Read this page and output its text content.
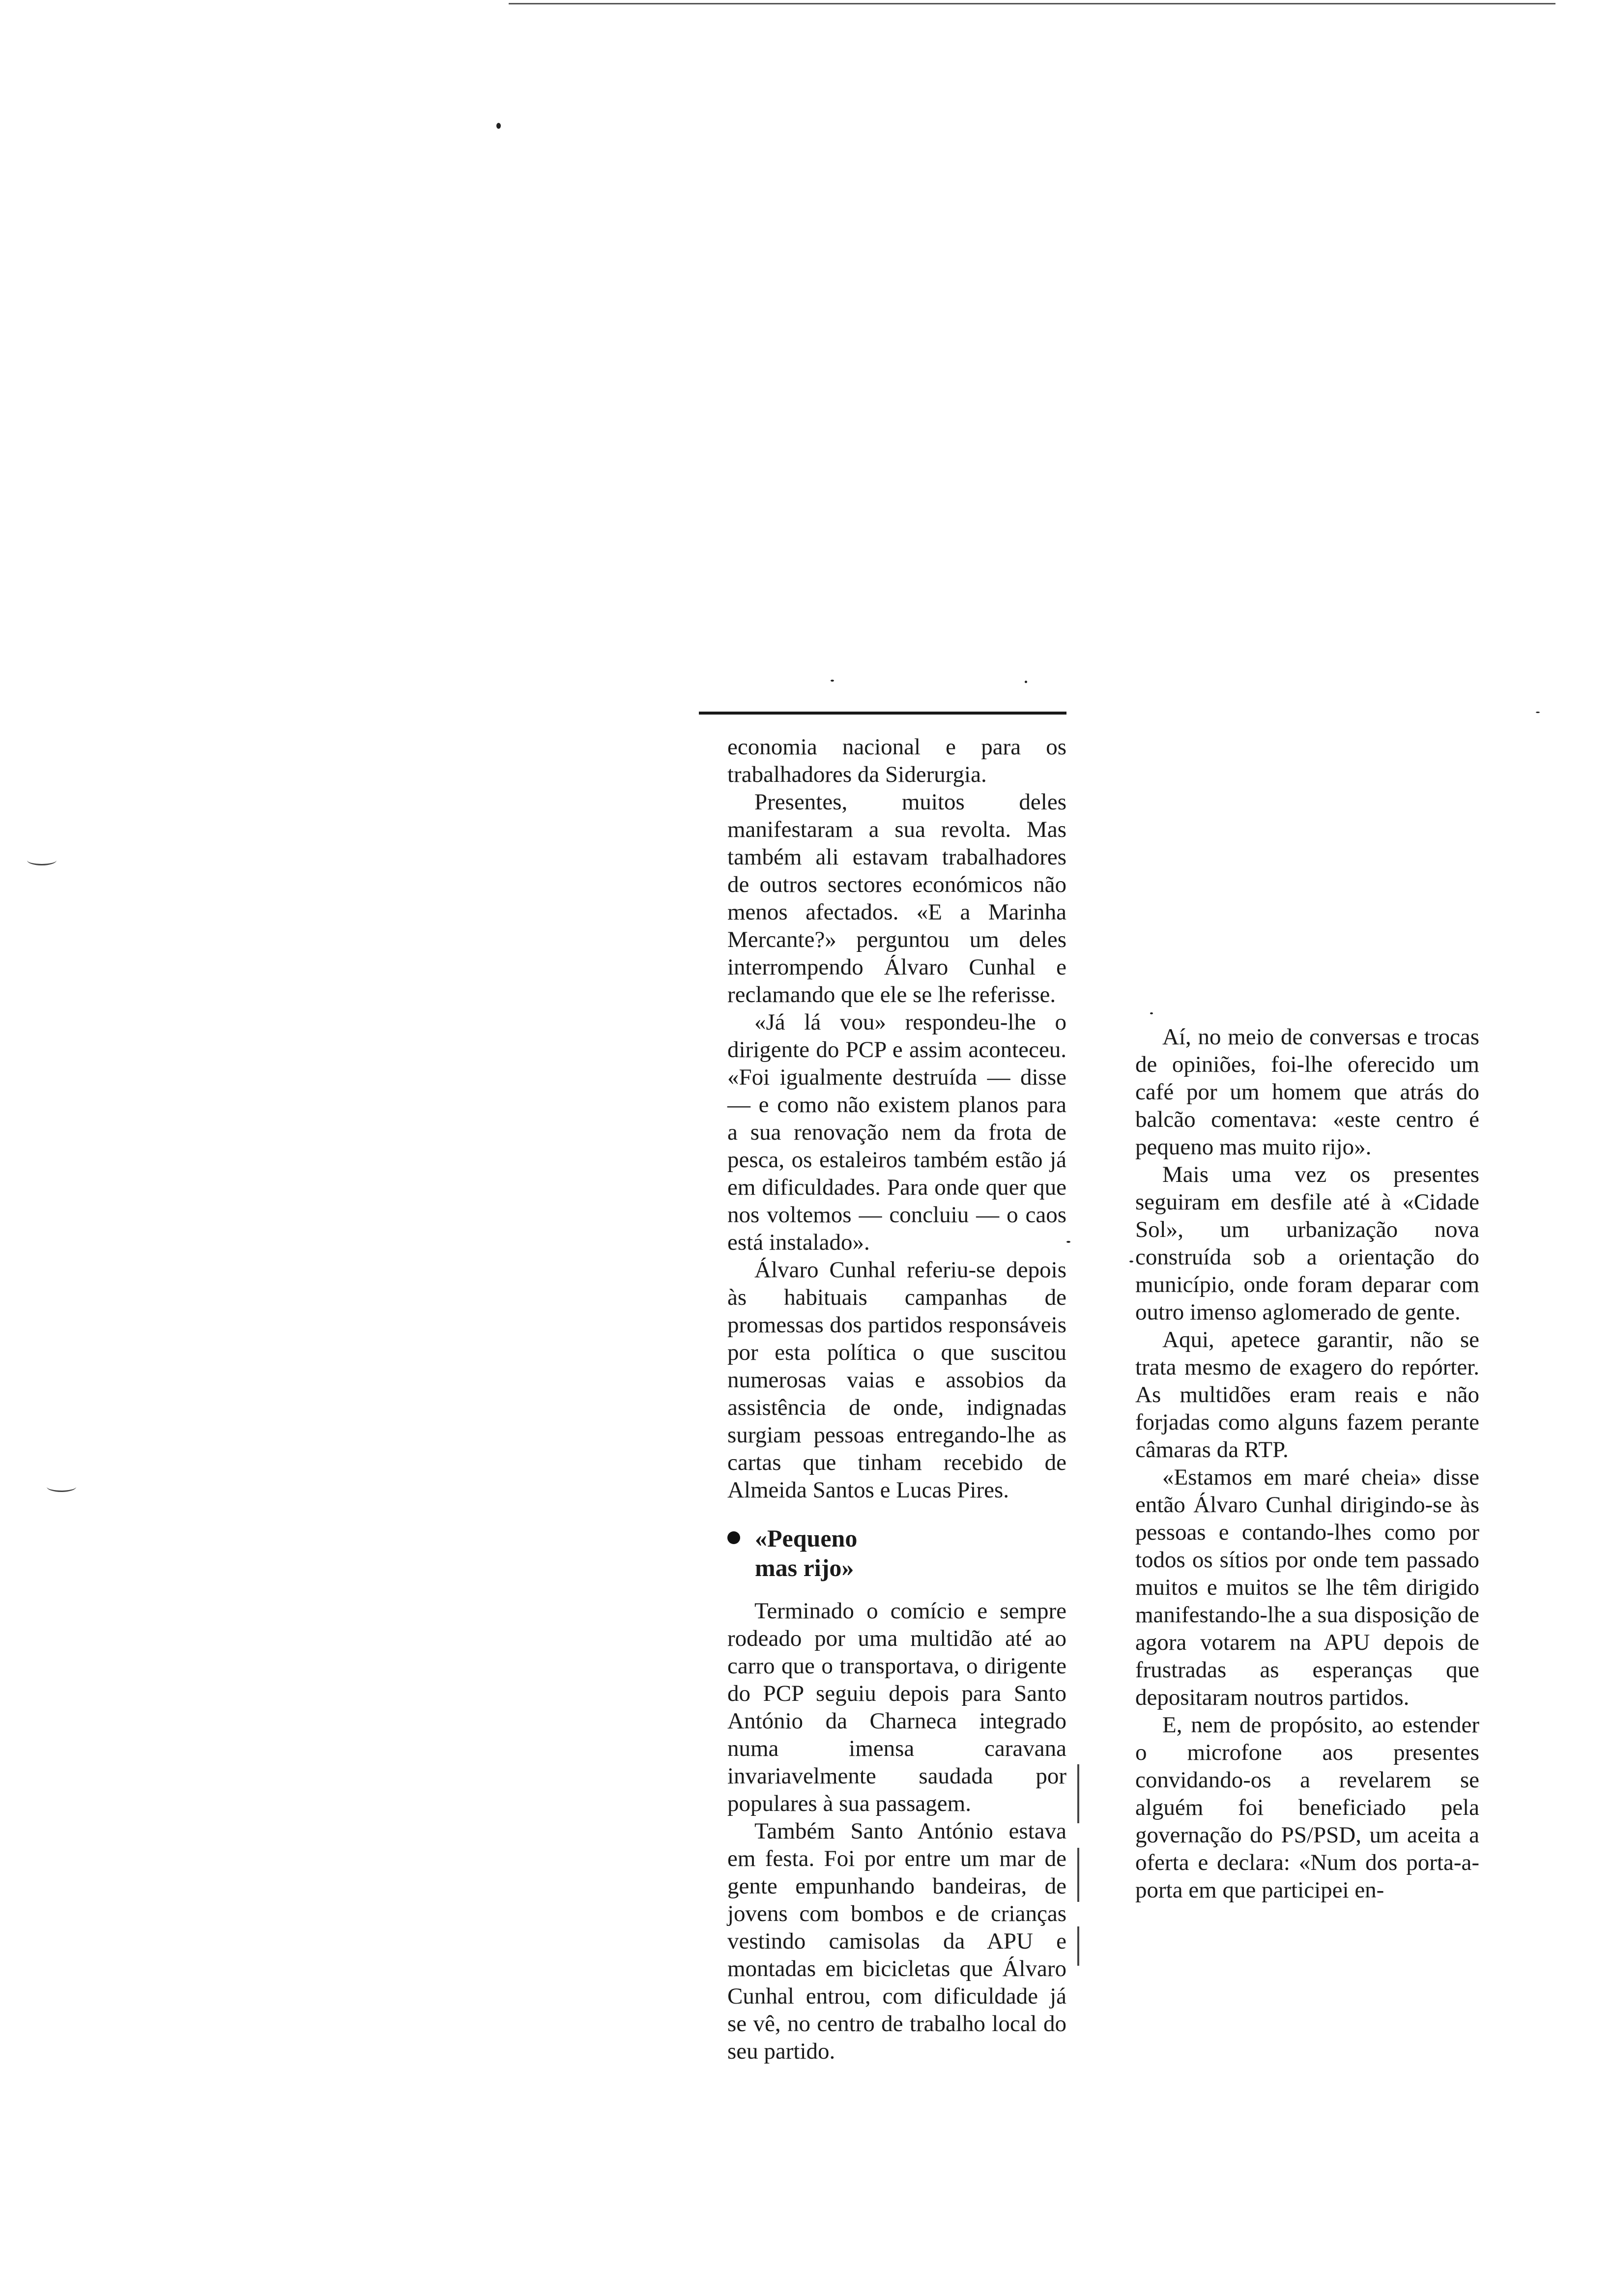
economia nacional e para os trabalhadores da Siderurgia.

Presentes, muitos deles manifestaram a sua revolta. Mas também ali estavam trabalhadores de outros sectores económicos não menos afectados. «E a Marinha Mercante?» perguntou um deles interrompendo Álvaro Cunhal e reclamando que ele se lhe referisse.

«Já lá vou» respondeu-lhe o dirigente do PCP e assim aconteceu. «Foi igualmente destruída — disse — e como não existem planos para a sua renovação nem da frota de pesca, os estaleiros também estão já em dificuldades. Para onde quer que nos voltemos — concluiu — o caos está instalado».

Álvaro Cunhal referiu-se depois às habituais campanhas de promessas dos partidos responsáveis por esta política o que suscitou numerosas vaias e assobios da assistência de onde, indignadas surgiam pessoas entregando-lhe as cartas que tinham recebido de Almeida Santos e Lucas Pires.

«Pequeno
mas rijo»

Terminado o comício e sempre rodeado por uma multidão até ao carro que o transportava, o dirigente do PCP seguiu depois para Santo António da Charneca integrado numa imensa caravana invariavelmente saudada por populares à sua passagem.

Também Santo António estava em festa. Foi por entre um mar de gente empunhando bandeiras, de jovens com bombos e de crianças vestindo camisolas da APU e montadas em bicicletas que Álvaro Cunhal entrou, com dificuldade já se vê, no centro de trabalho local do seu partido.

Aí, no meio de conversas e trocas de opiniões, foi-lhe oferecido um café por um homem que atrás do balcão comentava: «este centro é pequeno mas muito rijo».

Mais uma vez os presentes seguiram em desfile até à «Cidade Sol», um urbanização nova construída sob a orientação do município, onde foram deparar com outro imenso aglomerado de gente.

Aqui, apetece garantir, não se trata mesmo de exagero do repórter. As multidões eram reais e não forjadas como alguns fazem perante câmaras da RTP.

«Estamos em maré cheia» disse então Álvaro Cunhal dirigindo-se às pessoas e contando-lhes como por todos os sítios por onde tem passado muitos e muitos se lhe têm dirigido manifestando-lhe a sua disposição de agora votarem na APU depois de frustradas as esperanças que depositaram noutros partidos.

E, nem de propósito, ao estender o microfone aos presentes convidando-os a revelarem se alguém foi beneficiado pela governação do PS/PSD, um aceita a oferta e declara: «Num dos porta-a-porta em que participei en-
